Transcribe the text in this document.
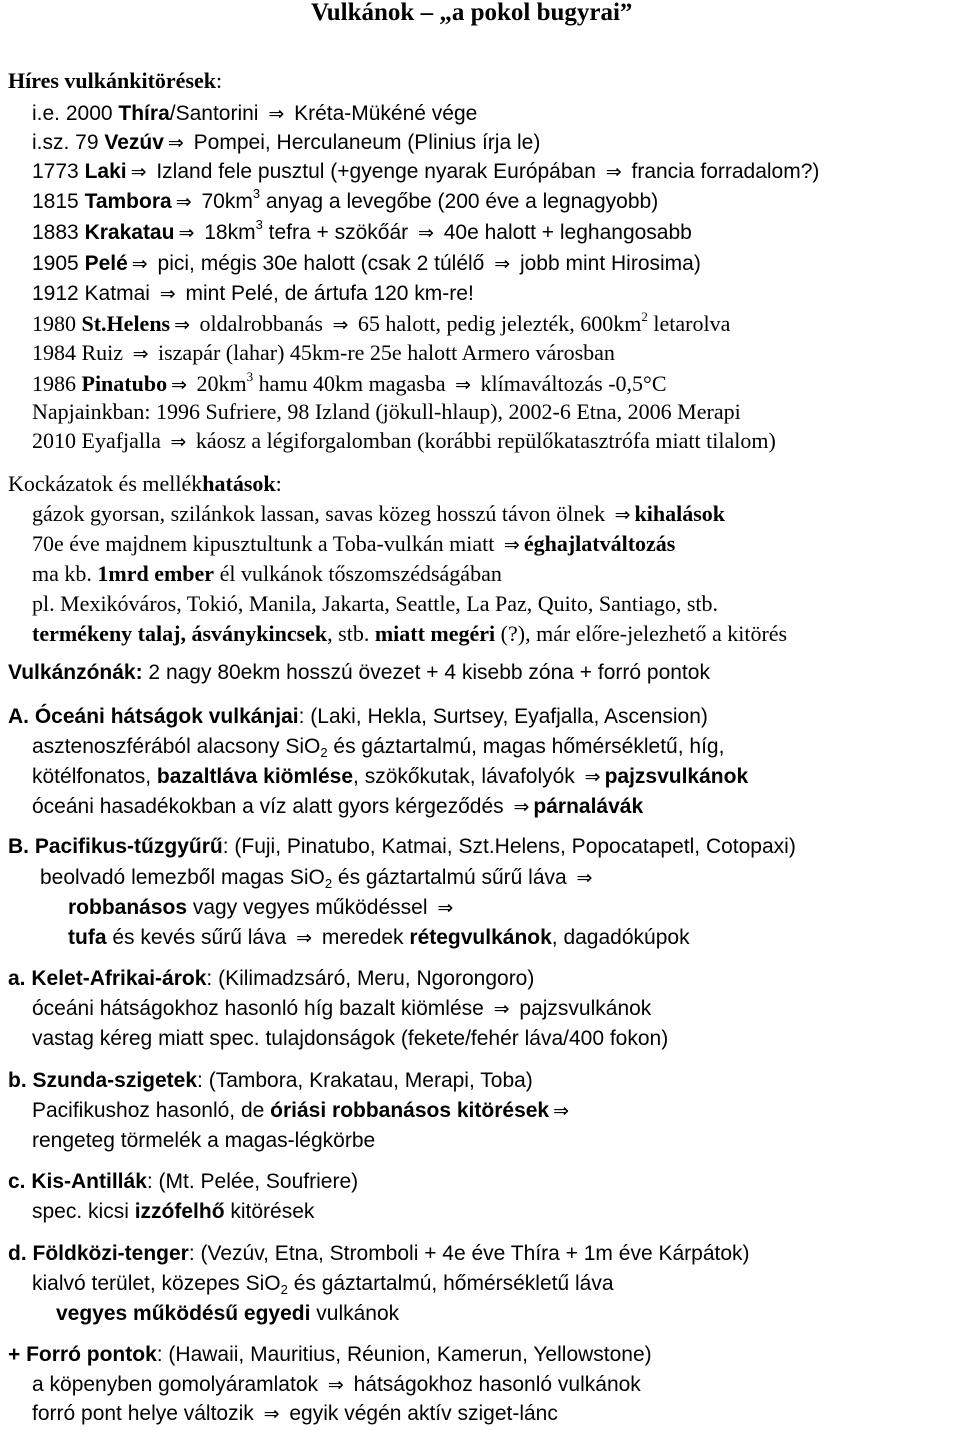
Vulkánok – „a pokol bugyrai”
Híres vulkánkitörések:
i.e. 2000 Thíra/Santorini ⇒ Kréta-Mükéné vége
i.sz. 79 Vezúv ⇒ Pompei, Herculaneum (Plinius írja le)
1773 Laki ⇒ Izland fele pusztul (+gyenge nyarak Európában ⇒ francia forradalom?)
1815 Tambora ⇒ $70km^3$ anyag a levegőbe (200 éve a legnagyobb)
1883 Krakatau ⇒ $18km^3$ tefra + szökőár ⇒ 40e halott + leghangosabb
1905 Pelé ⇒ pici, mégis 30e halott (csak 2 túlélő ⇒ jobb mint Hirosima)
1912 Katmai ⇒ mint Pelé, de ártufa 120 km-re!
1980 St.Helens ⇒ oldalrobbanás ⇒ 65 halott, pedig jelezték, $600km^2$ letarolva
1984 Ruiz ⇒ iszapár (lahar) 45km-re 25e halott Armero városban
1986 Pinatubo ⇒ $20km^3$ hamu 40km magasba ⇒ klímaváltozás -0,5°C
Napjainkban: 1996 Sufriere, 98 Izland (jökull-hlaup), 2002-6 Etna, 2006 Merapi
2010 Eyafjalla ⇒ káosz a légiforgalomban (korábbi repülőkatasztrófa miatt tilalom)
Kockázatok és mellékhatások:
gázok gyorsan, szilánkok lassan, savas közeg hosszú távon ölnek ⇒ kihalások
70e éve majdnem kipusztultunk a Toba-vulkán miatt ⇒ éghajlatváltozás
ma kb. 1mrd ember él vulkánok tőszomszédságában
pl. Mexikóváros, Tokió, Manila, Jakarta, Seattle, La Paz, Quito, Santiago, stb.
termékeny talaj, ásványkincsek, stb. miatt megéri (?), már előre-jelezhető a kitörés
Vulkánzónák: 2 nagy 80ekm hosszú övezet + 4 kisebb zóna + forró pontok
A. Óceáni hátságok vulkánjai: (Laki, Hekla, Surtsey, Eyafjalla, Ascension)
asztenoszférából alacsony SiO$_2$ és gáztartalmú, magas hőmérsékletű, híg,
kötélfonatos, bazaltláva kiömlése, szökőkutak, lávafolyók ⇒ pajzsvulkánok
óceáni hasadékokban a víz alatt gyors kérgeződés ⇒ párnalávák
B. Pacifikus-tűzgyűrű: (Fuji, Pinatubo, Katmai, Szt.Helens, Popocatapetl, Cotopaxi)
beolvadó lemezből magas SiO$_2$ és gáztartalmú sűrű láva ⇒
robbanásos vagy vegyes működéssel ⇒
tufa és kevés sűrű láva ⇒ meredek rétegvulkánok, dagadókúpok
a. Kelet-Afrikai-árok: (Kilimadzsáró, Meru, Ngorongoro)
óceáni hátságokhoz hasonló híg bazalt kiömlése ⇒ pajzsvulkánok
vastag kéreg miatt spec. tulajdonságok (fekete/fehér láva/400 fokon)
b. Szunda-szigetek: (Tambora, Krakatau, Merapi, Toba)
Pacifikushoz hasonló, de óriási robbanásos kitörések ⇒
rengeteg törmelék a magas-légkörbe
c. Kis-Antillák: (Mt. Pelée, Soufriere)
spec. kicsi izzófelhő kitörések
d. Földközi-tenger: (Vezúv, Etna, Stromboli + 4e éve Thíra + 1m éve Kárpátok)
kialvó terület, közepes SiO$_2$ és gáztartalmú, hőmérsékletű láva
vegyes működésű egyedi vulkánok
+ Forró pontok: (Hawaii, Mauritius, Réunion, Kamerun, Yellowstone)
a köpenyben gomolyáramlatok ⇒ hátságokhoz hasonló vulkánok
forró pont helye változik ⇒ egyik végén aktív sziget-lánc
